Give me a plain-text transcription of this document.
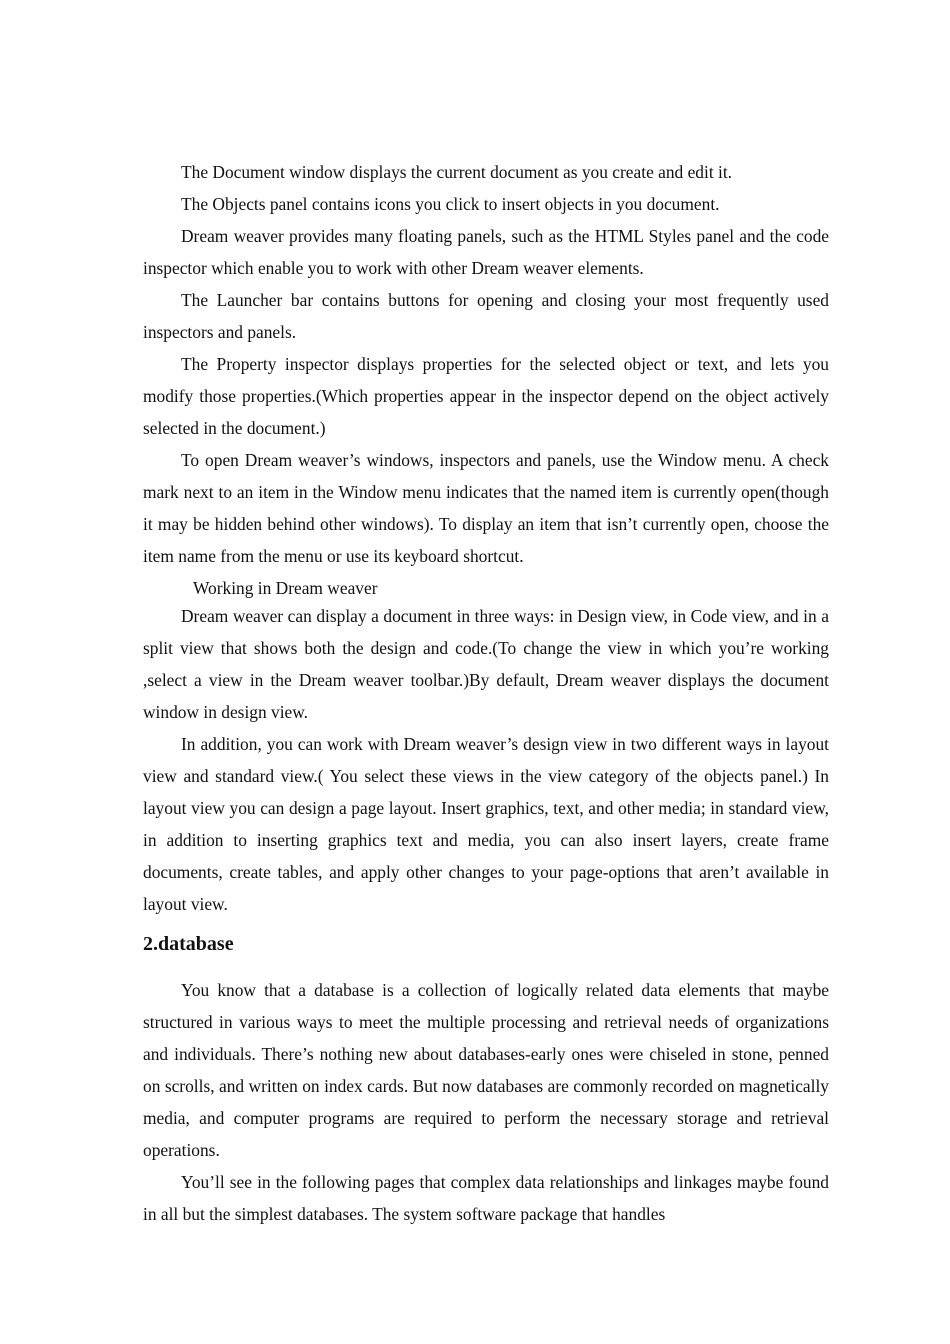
The Document window displays the current document as you create and edit it.

The Objects panel contains icons you click to insert objects in you document.

Dream weaver provides many floating panels, such as the HTML Styles panel and the code inspector which enable you to work with other Dream weaver elements.

The Launcher bar contains buttons for opening and closing your most frequently used inspectors and panels.

The Property inspector displays properties for the selected object or text, and lets you modify those properties.(Which properties appear in the inspector depend on the object actively selected in the document.)

To open Dream weaver’s windows, inspectors and panels, use the Window menu. A check mark next to an item in the Window menu indicates that the named item is currently open(though it may be hidden behind other windows). To display an item that isn’t currently open, choose the item name from the menu or use its keyboard shortcut.

Working in Dream weaver

Dream weaver can display a document in three ways: in Design view, in Code view, and in a split view that shows both the design and code.(To change the view in which you’re working ,select a view in the Dream weaver toolbar.)By default, Dream weaver displays the document window in design view.

In addition, you can work with Dream weaver’s design view in two different ways in layout view and standard view.( You select these views in the view category of the objects panel.) In layout view you can design a page layout. Insert graphics, text, and other media; in standard view, in addition to inserting graphics text and media, you can also insert layers, create frame documents, create tables, and apply other changes to your page-options that aren’t available in layout view.

2.database

You know that a database is a collection of logically related data elements that maybe structured in various ways to meet the multiple processing and retrieval needs of organizations and individuals. There’s nothing new about databases-early ones were chiseled in stone, penned on scrolls, and written on index cards. But now databases are commonly recorded on magnetically media, and computer programs are required to perform the necessary storage and retrieval operations.

You’ll see in the following pages that complex data relationships and linkages maybe found in all but the simplest databases. The system software package that handles
